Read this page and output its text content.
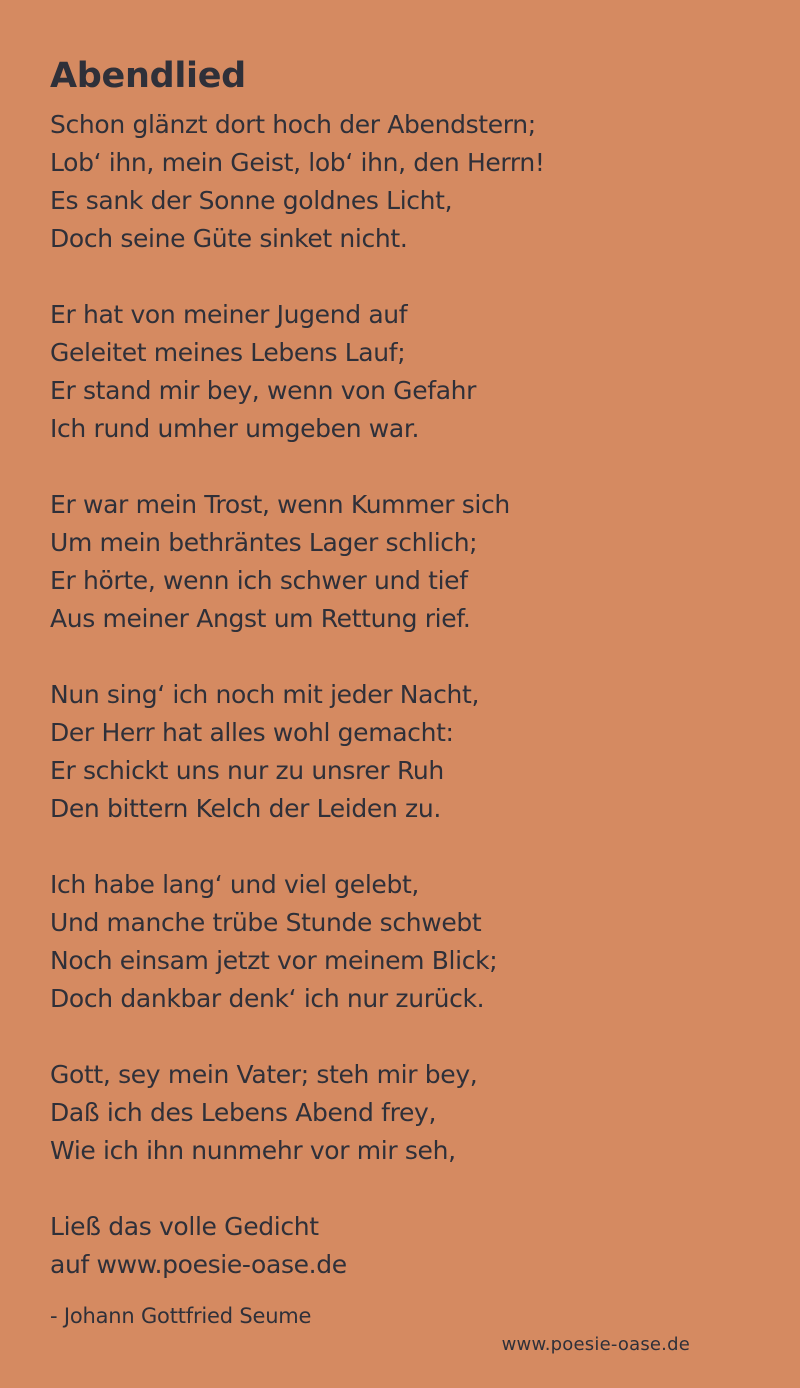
Abendlied
Schon glänzt dort hoch der Abendstern;
Lob‘ ihn, mein Geist, lob‘ ihn, den Herrn!
Es sank der Sonne goldnes Licht,
Doch seine Güte sinket nicht.
Er hat von meiner Jugend auf
Geleitet meines Lebens Lauf;
Er stand mir bey, wenn von Gefahr
Ich rund umher umgeben war.
Er war mein Trost, wenn Kummer sich
Um mein bethräntes Lager schlich;
Er hörte, wenn ich schwer und tief
Aus meiner Angst um Rettung rief.
Nun sing‘ ich noch mit jeder Nacht,
Der Herr hat alles wohl gemacht:
Er schickt uns nur zu unsrer Ruh
Den bittern Kelch der Leiden zu.
Ich habe lang‘ und viel gelebt,
Und manche trübe Stunde schwebt
Noch einsam jetzt vor meinem Blick;
Doch dankbar denk‘ ich nur zurück.
Gott, sey mein Vater; steh mir bey,
Daß ich des Lebens Abend frey,
Wie ich ihn nunmehr vor mir seh,
Ließ das volle Gedicht
auf www.poesie-oase.de
- Johann Gottfried Seume
www.poesie-oase.de
